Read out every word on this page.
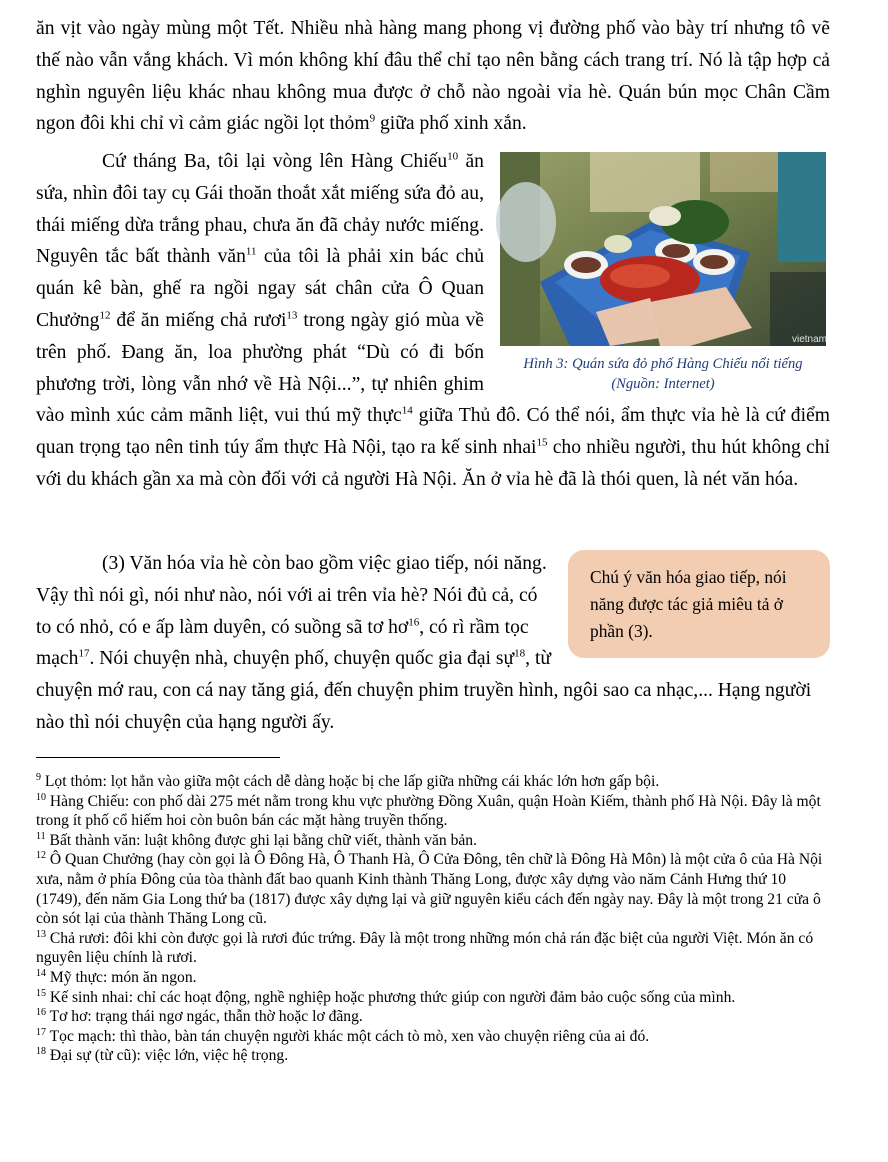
ăn vịt vào ngày mùng một Tết. Nhiều nhà hàng mang phong vị đường phố vào bày trí nhưng tô vẽ thế nào vẫn vắng khách. Vì món không khí đâu thể chỉ tạo nên bằng cách trang trí. Nó là tập hợp cả nghìn nguyên liệu khác nhau không mua được ở chỗ nào ngoài vỉa hè. Quán bún mọc Chân Cầm ngon đôi khi chỉ vì cảm giác ngồi lọt thỏm$^9$ giữa phố xinh xắn.

vietnamnet
Hình 3: Quán sứa đỏ phố Hàng Chiếu nổi tiếng
(Nguồn: Internet)

Cứ tháng Ba, tôi lại vòng lên Hàng Chiếu$^{10}$ ăn sứa, nhìn đôi tay cụ Gái thoăn thoắt xắt miếng sứa đỏ au, thái miếng dừa trắng phau, chưa ăn đã chảy nước miếng. Nguyên tắc bất thành văn$^{11}$ của tôi là phải xin bác chủ quán kê bàn, ghế ra ngồi ngay sát chân cửa Ô Quan Chưởng$^{12}$ để ăn miếng chả rươi$^{13}$ trong ngày gió mùa về trên phố. Đang ăn, loa phường phát “Dù có đi bốn phương trời, lòng vẫn nhớ về Hà Nội...”, tự nhiên ghim vào mình xúc cảm mãnh liệt, vui thú mỹ thực$^{14}$ giữa Thủ đô. Có thể nói, ẩm thực vỉa hè là cứ điểm quan trọng tạo nên tinh túy ẩm thực Hà Nội, tạo ra kế sinh nhai$^{15}$ cho nhiều người, thu hút không chỉ với du khách gần xa mà còn đối với cả người Hà Nội. Ăn ở vỉa hè đã là thói quen, là nét văn hóa.

Chú ý văn hóa giao tiếp, nói năng được tác giả miêu tả ở phần (3).

(3) Văn hóa vỉa hè còn bao gồm việc giao tiếp, nói năng. Vậy thì nói gì, nói như nào, nói với ai trên vỉa hè? Nói đủ cả, có to có nhỏ, có e ấp làm duyên, có suồng sã tơ $hơ^{16}$, có rì rầm tọc mạch$^{17}$. Nói chuyện nhà, chuyện phố, chuyện quốc gia đại sự$^{18}$, từ chuyện mớ rau, con cá nay tăng giá, đến chuyện phim truyền hình, ngôi sao ca nhạc,... Hạng người nào thì nói chuyện của hạng người ấy.

$^9$ Lọt thỏm: lọt hẳn vào giữa một cách dễ dàng hoặc bị che lấp giữa những cái khác lớn hơn gấp bội.

$^{10}$ Hàng Chiếu: con phố dài 275 mét nằm trong khu vực phường Đồng Xuân, quận Hoàn Kiếm, thành phố Hà Nội. Đây là một trong ít phố cổ hiếm hoi còn buôn bán các mặt hàng truyền thống.

$^{11}$ Bất thành văn: luật không được ghi lại bằng chữ viết, thành văn bản.

$^{12}$ Ô Quan Chưởng (hay còn gọi là Ô Đông Hà, Ô Thanh Hà, Ô Cửa Đông, tên chữ là Đông Hà Môn) là một cửa ô của Hà Nội xưa, nằm ở phía Đông của tòa thành đất bao quanh Kinh thành Thăng Long, được xây dựng vào năm Cảnh Hưng thứ 10 (1749), đến năm Gia Long thứ ba (1817) được xây dựng lại và giữ nguyên kiểu cách đến ngày nay. Đây là một trong 21 cửa ô còn sót lại của thành Thăng Long cũ.

$^{13}$ Chả rươi: đôi khi còn được gọi là rươi đúc trứng. Đây là một trong những món chả rán đặc biệt của người Việt. Món ăn có nguyên liệu chính là rươi.

$^{14}$ Mỹ thực: món ăn ngon.

$^{15}$ Kế sinh nhai: chỉ các hoạt động, nghề nghiệp hoặc phương thức giúp con người đảm bảo cuộc sống của mình.

$^{16}$ Tơ hơ: trạng thái ngơ ngác, thẫn thờ hoặc lơ đãng.

$^{17}$ Tọc mạch: thì thào, bàn tán chuyện người khác một cách tò mò, xen vào chuyện riêng của ai đó.

$^{18}$ Đại sự (từ cũ): việc lớn, việc hệ trọng.
